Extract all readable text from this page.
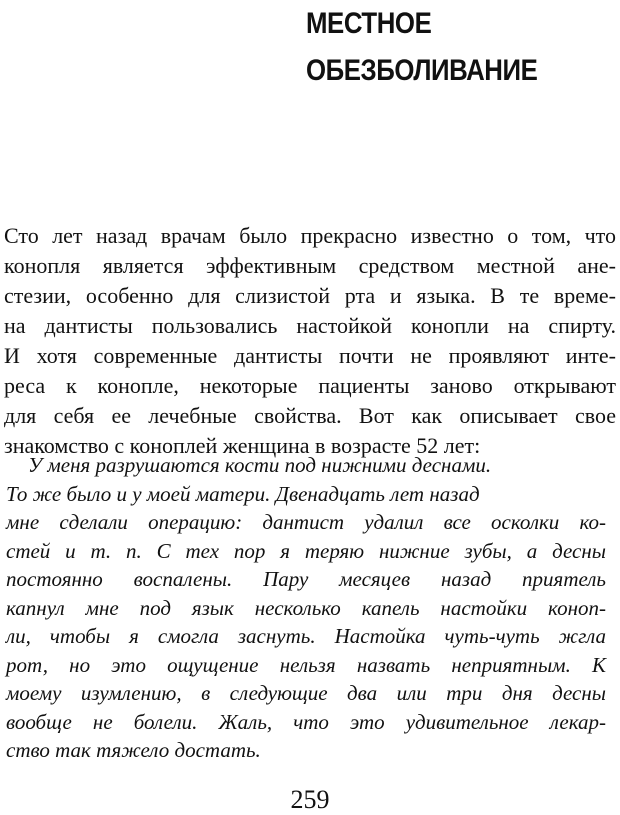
МЕСТНОЕ
ОБЕЗБОЛИВАНИЕ
Сто лет назад врачам было прекрасно известно о том, что
конопля является эффективным средством местной ане-
стезии, особенно для слизистой рта и языка. В те време-
на дантисты пользовались настойкой конопли на спирту.
И хотя современные дантисты почти не проявляют инте-
реса к конопле, некоторые пациенты заново открывают
для себя ее лечебные свойства. Вот как описывает свое
знакомство с коноплей женщина в возрасте 52 лет:
У меня разрушаются кости под нижними деснами.
То же было и у моей матери. Двенадцать лет назад
мне сделали операцию: дантист удалил все осколки ко-
стей и т. п. С тех пор я теряю нижние зубы, а десны
постоянно воспалены. Пару месяцев назад приятель
капнул мне под язык несколько капель настойки коноп-
ли, чтобы я смогла заснуть. Настойка чуть-чуть жгла
рот, но это ощущение нельзя назвать неприятным. К
моему изумлению, в следующие два или три дня десны
вообще не болели. Жаль, что это удивительное лекар-
ство так тяжело достать.
259
